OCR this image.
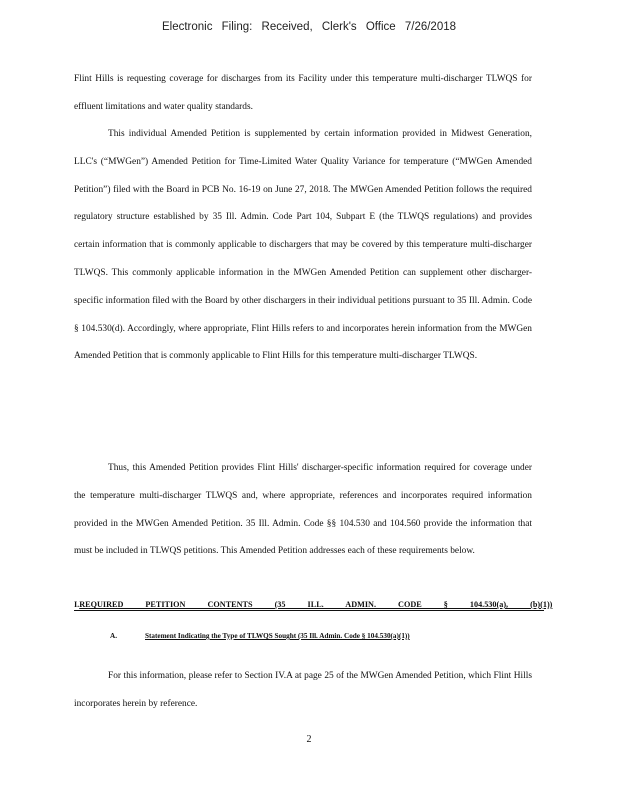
Electronic Filing: Received, Clerk's Office 7/26/2018
Flint Hills is requesting coverage for discharges from its Facility under this temperature multi-discharger TLWQS for effluent limitations and water quality standards.
This individual Amended Petition is supplemented by certain information provided in Midwest Generation, LLC's (“MWGen”) Amended Petition for Time-Limited Water Quality Variance for temperature (“MWGen Amended Petition”) filed with the Board in PCB No. 16-19 on June 27, 2018. The MWGen Amended Petition follows the required regulatory structure established by 35 Ill. Admin. Code Part 104, Subpart E (the TLWQS regulations) and provides certain information that is commonly applicable to dischargers that may be covered by this temperature multi-discharger TLWQS. This commonly applicable information in the MWGen Amended Petition can supplement other discharger-specific information filed with the Board by other dischargers in their individual petitions pursuant to 35 Ill. Admin. Code § 104.530(d). Accordingly, where appropriate, Flint Hills refers to and incorporates herein information from the MWGen Amended Petition that is commonly applicable to Flint Hills for this temperature multi-discharger TLWQS.
Thus, this Amended Petition provides Flint Hills' discharger-specific information required for coverage under the temperature multi-discharger TLWQS and, where appropriate, references and incorporates required information provided in the MWGen Amended Petition. 35 Ill. Admin. Code §§ 104.530 and 104.560 provide the information that must be included in TLWQS petitions. This Amended Petition addresses each of these requirements below.
I. REQUIRED PETITION CONTENTS (35 ILL. ADMIN. CODE § 104.530(a), (b)(1))
A.	Statement Indicating the Type of TLWQS Sought (35 Ill. Admin. Code § 104.530(a)(1))
For this information, please refer to Section IV.A at page 25 of the MWGen Amended Petition, which Flint Hills incorporates herein by reference.
2
